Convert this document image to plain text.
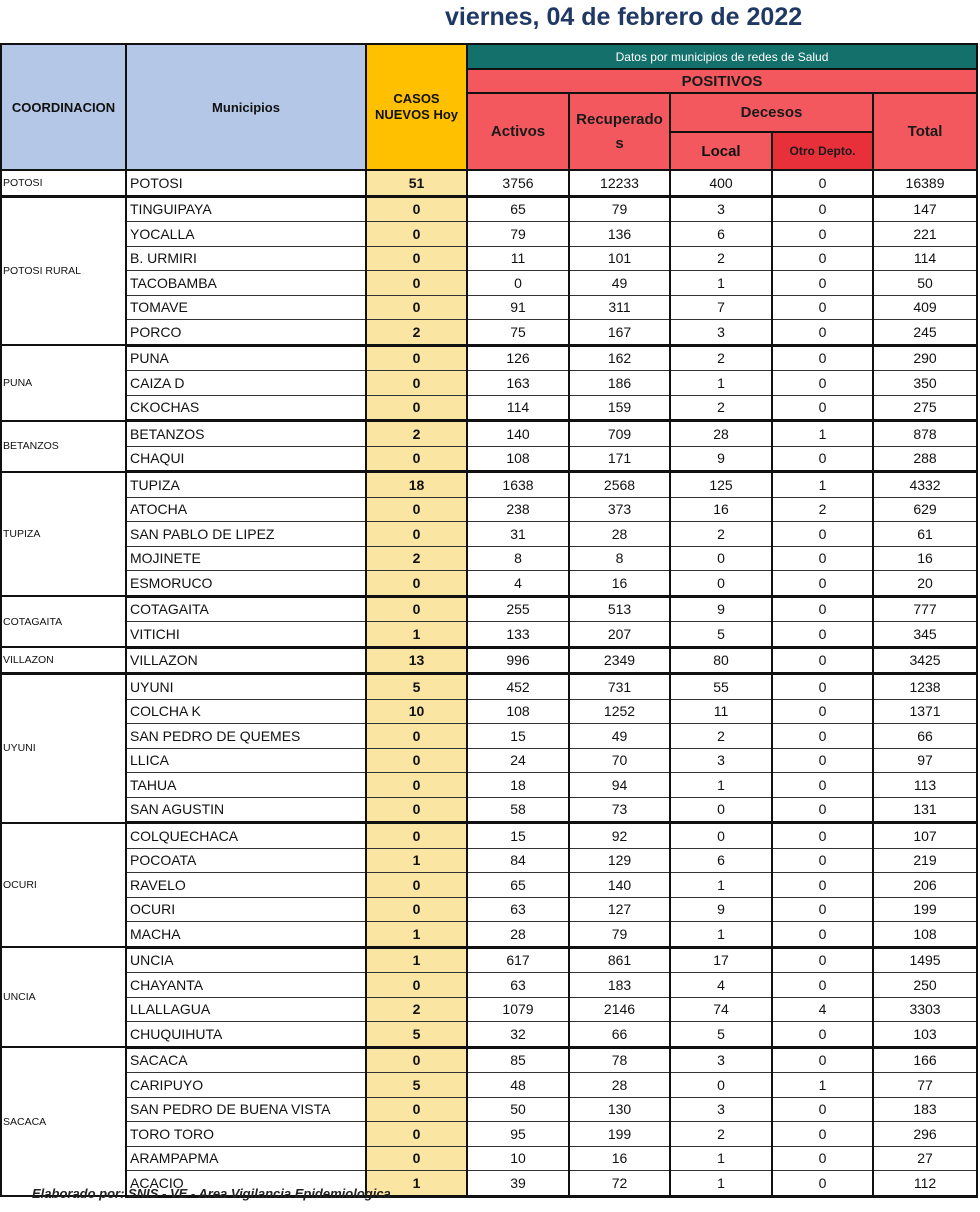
viernes, 04 de febrero de 2022
COORDINACION	Municipios	CASOS
NUEVOS Hoy	Datos por municipios de redes de Salud				
			POSITIVOS				
			Activos	Recuperado
s	Decesos		Total
					Local	Otro Depto.	
POTOSI	POTOSI	51	3756	12233	400	0	16389
POTOSI RURAL	TINGUIPAYA	0	65	79	3	0	147
	YOCALLA	0	79	136	6	0	221
	B. URMIRI	0	11	101	2	0	114
	TACOBAMBA	0	0	49	1	0	50
	TOMAVE	0	91	311	7	0	409
	PORCO	2	75	167	3	0	245
PUNA	PUNA	0	126	162	2	0	290
	CAIZA D	0	163	186	1	0	350
	CKOCHAS	0	114	159	2	0	275
BETANZOS	BETANZOS	2	140	709	28	1	878
	CHAQUI	0	108	171	9	0	288
TUPIZA	TUPIZA	18	1638	2568	125	1	4332
	ATOCHA	0	238	373	16	2	629
	SAN PABLO DE LIPEZ	0	31	28	2	0	61
	MOJINETE	2	8	8	0	0	16
	ESMORUCO	0	4	16	0	0	20
COTAGAITA	COTAGAITA	0	255	513	9	0	777
	VITICHI	1	133	207	5	0	345
VILLAZON	VILLAZON	13	996	2349	80	0	3425
UYUNI	UYUNI	5	452	731	55	0	1238
	COLCHA K	10	108	1252	11	0	1371
	SAN PEDRO DE QUEMES	0	15	49	2	0	66
	LLICA	0	24	70	3	0	97
	TAHUA	0	18	94	1	0	113
	SAN AGUSTIN	0	58	73	0	0	131
OCURI	COLQUECHACA	0	15	92	0	0	107
	POCOATA	1	84	129	6	0	219
	RAVELO	0	65	140	1	0	206
	OCURI	0	63	127	9	0	199
	MACHA	1	28	79	1	0	108
UNCIA	UNCIA	1	617	861	17	0	1495
	CHAYANTA	0	63	183	4	0	250
	LLALLAGUA	2	1079	2146	74	4	3303
	CHUQUIHUTA	5	32	66	5	0	103
SACACA	SACACA	0	85	78	3	0	166
	CARIPUYO	5	48	28	0	1	77
	SAN PEDRO DE BUENA VISTA	0	50	130	3	0	183
	TORO TORO	0	95	199	2	0	296
	ARAMPAPMA	0	10	16	1	0	27
	ACACIO	1	39	72	1	0	112
Elaborado por: SNIS - VE - Area Vigilancia Epidemiologica
